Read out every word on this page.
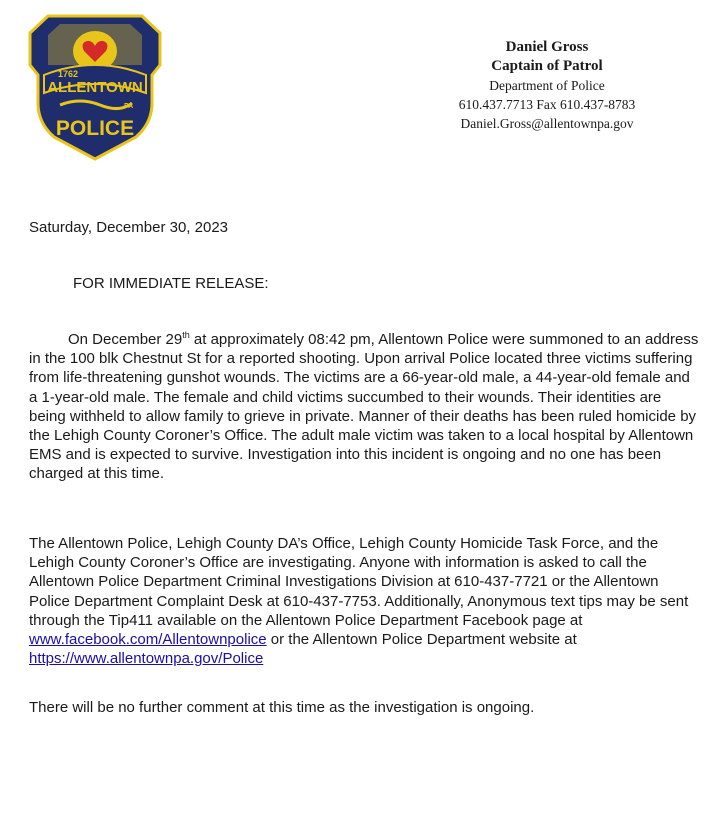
1762
ALLENTOWN
PA
POLICE
Daniel Gross
Captain of Patrol
Department of Police
610.437.7713 Fax 610.437-8783
Daniel.Gross@allentownpa.gov
Saturday, December 30, 2023
FOR IMMEDIATE RELEASE:

On December 29th at approximately 08:42 pm, Allentown Police were summoned to an address in the 100 blk Chestnut St for a reported shooting. Upon arrival Police located three victims suffering from life-threatening gunshot wounds. The victims are a 66-year-old male, a 44-year-old female and a 1-year-old male. The female and child victims succumbed to their wounds. Their identities are being withheld to allow family to grieve in private. Manner of their deaths has been ruled homicide by the Lehigh County Coroner’s Office. The adult male victim was taken to a local hospital by Allentown EMS and is expected to survive. Investigation into this incident is ongoing and no one has been charged at this time.

The Allentown Police, Lehigh County DA’s Office, Lehigh County Homicide Task Force, and the Lehigh County Coroner’s Office are investigating. Anyone with information is asked to call the Allentown Police Department Criminal Investigations Division at 610-437-7721 or the Allentown Police Department Complaint Desk at 610-437-7753. Additionally, Anonymous text tips may be sent through the Tip411 available on the Allentown Police Department Facebook page at www.facebook.com/Allentownpolice or the Allentown Police Department website at https://www.allentownpa.gov/Police

There will be no further comment at this time as the investigation is ongoing.
